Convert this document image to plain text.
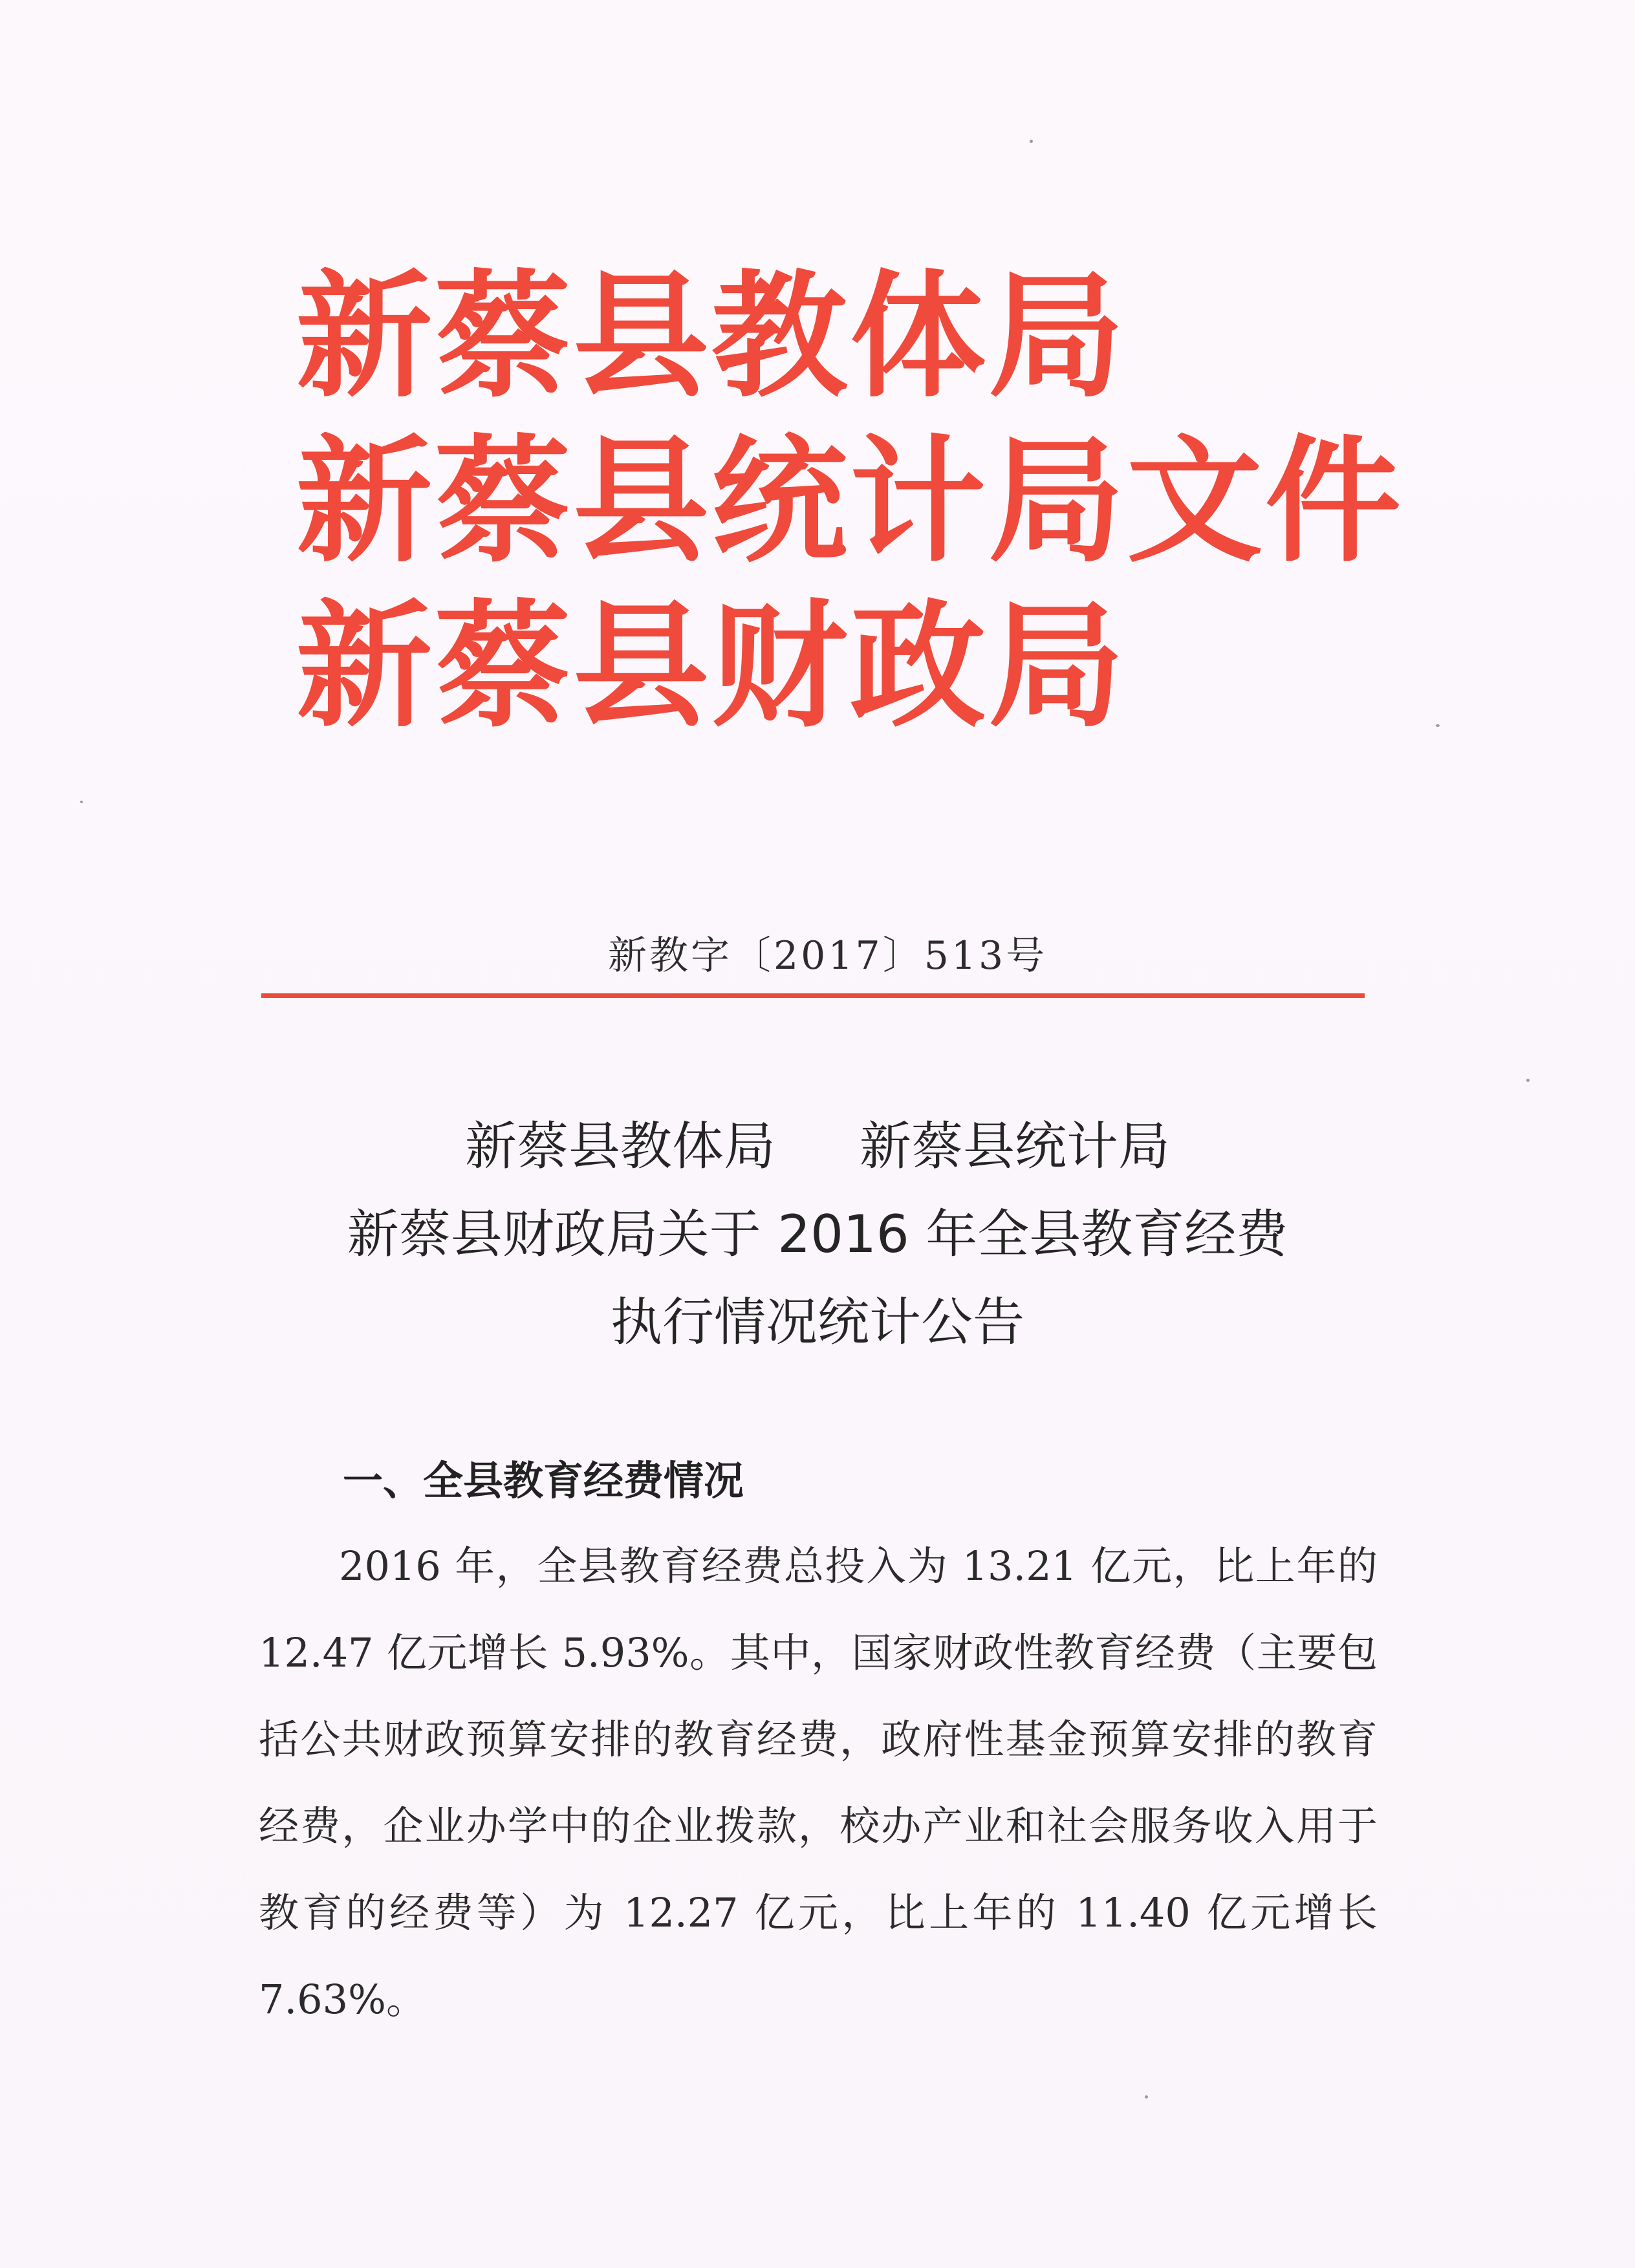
新蔡县教体局
新蔡县统计局文件
新蔡县财政局
新教字〔2017〕513号
新蔡县教体局 新蔡县统计局
新蔡县财政局关于 2016 年全县教育经费
执行情况统计公告
一、全县教育经费情况

2016 年，全县教育经费总投入为 13.21 亿元，比上年的 12.47 亿元增长 5.93%。其中，国家财政性教育经费（主要包括公共财政预算安排的教育经费，政府性基金预算安排的教育经费，企业办学中的企业拨款，校办产业和社会服务收入用于教育的经费等）为 12.27 亿元，比上年的 11.40 亿元增长 7.63%。
